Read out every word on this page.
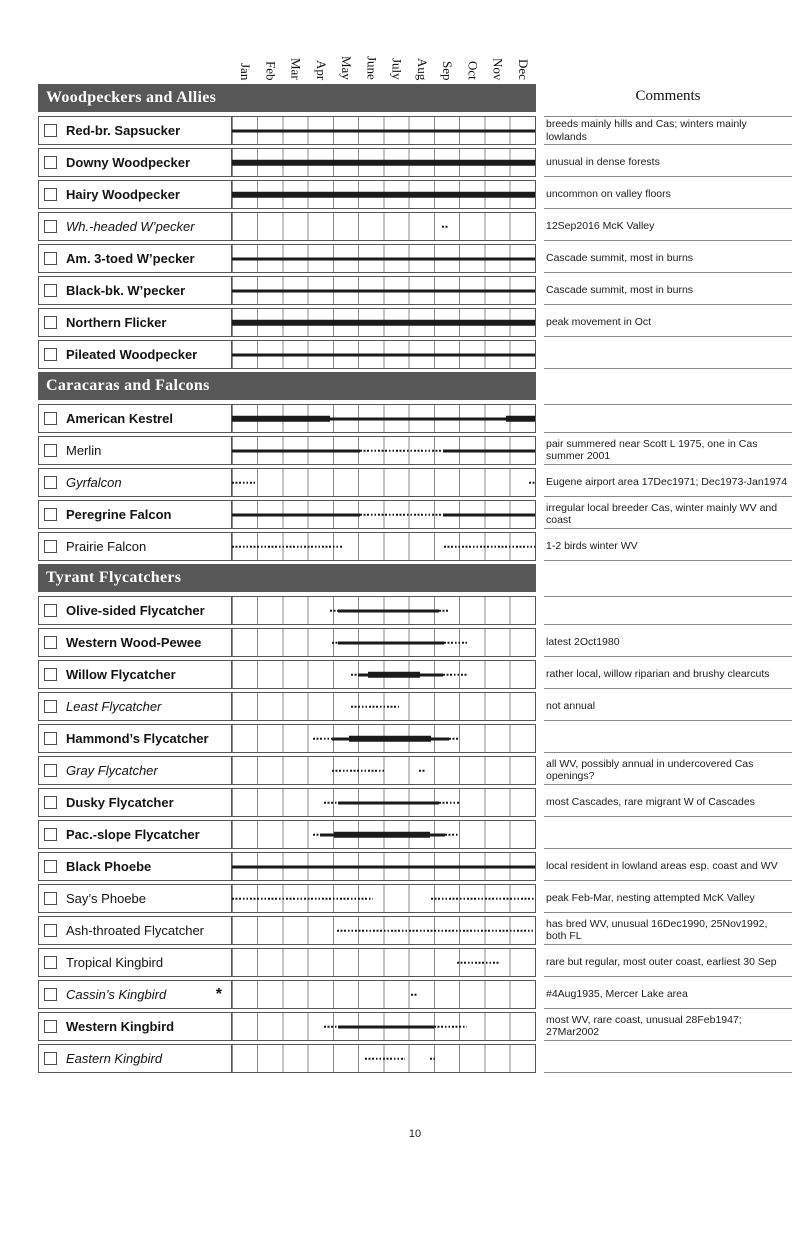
Jan Feb Mar Apr May June July Aug Sep Oct Nov Dec
Comments
Woodpeckers and Allies
Red-br. Sapsucker	breeds mainly hills and Cas; winters mainly lowlands
Downy Woodpecker	unusual in dense forests
Hairy Woodpecker	uncommon on valley floors
Wh.-headed W’pecker	12Sep2016 McK Valley
Am. 3-toed W’pecker	Cascade summit, most in burns
Black-bk. W’pecker	Cascade summit, most in burns
Northern Flicker	peak movement in Oct
Pileated Woodpecker
Caracaras and Falcons
American Kestrel
Merlin	pair summered near Scott L 1975, one in Cas summer 2001
Gyrfalcon	Eugene airport area 17Dec1971; Dec1973-Jan1974
Peregrine Falcon	irregular local breeder Cas, winter mainly WV and coast
Prairie Falcon	1-2 birds winter WV
Tyrant Flycatchers
Olive-sided Flycatcher
Western Wood-Pewee	latest 2Oct1980
Willow Flycatcher	rather local, willow riparian and brushy clearcuts
Least Flycatcher	not annual
Hammond’s Flycatcher
Gray Flycatcher	all WV, possibly annual in undercovered Cas openings?
Dusky Flycatcher	most Cascades, rare migrant W of Cascades
Pac.-slope Flycatcher
Black Phoebe	local resident in lowland areas esp. coast and WV
Say’s Phoebe	peak Feb-Mar, nesting attempted McK Valley
Ash-throated Flycatcher	has bred WV, unusual 16Dec1990, 25Nov1992, both FL
Tropical Kingbird	rare but regular, most outer coast, earliest 30 Sep
Cassin’s Kingbird	*	#4Aug1935, Mercer Lake area
Western Kingbird	most WV, rare coast, unusual 28Feb1947; 27Mar2002
Eastern Kingbird
10
